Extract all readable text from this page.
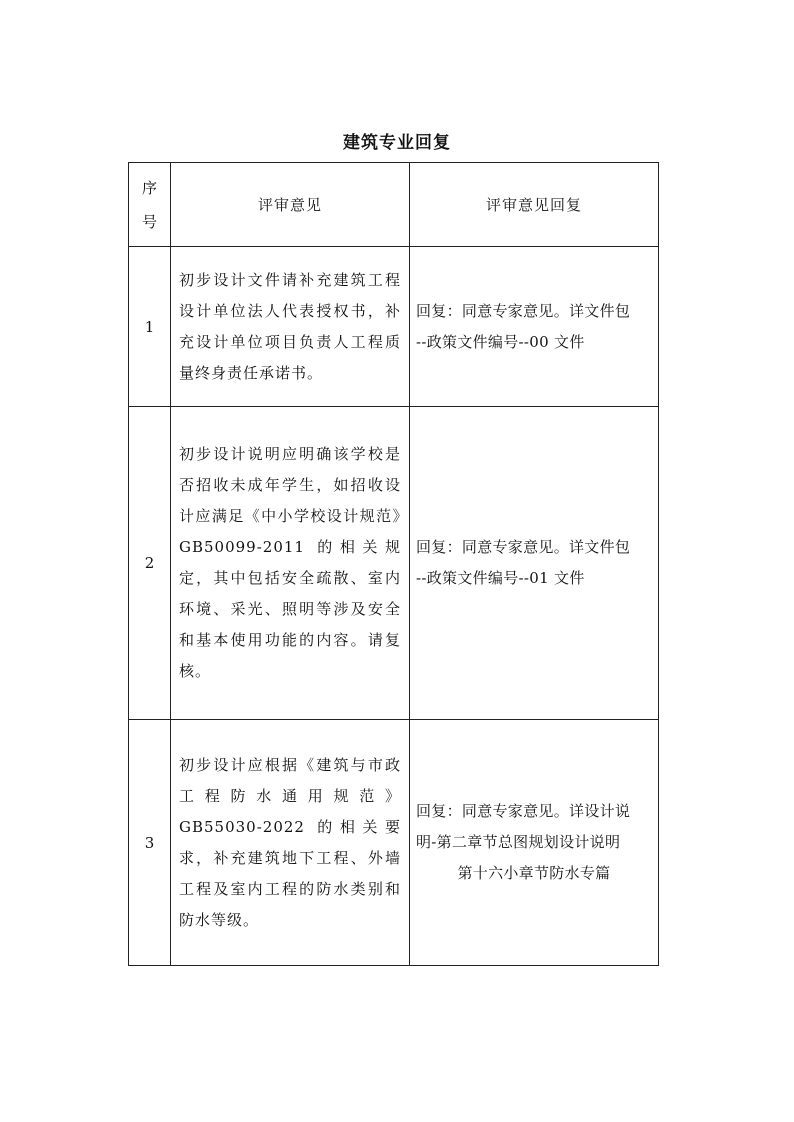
建筑专业回复
序
号	评审意见	评审意见回复
1	初步设计文件请补充建筑工程设计单位法人代表授权书，补充设计单位项目负责人工程质量终身责任承诺书。	回复：同意专家意见。详文件包
--政策文件编号--00 文件

2	初步设计说明应明确该学校是否招收未成年学生，如招收设计应满足《中小学校设计规范》GB50099-2011 的相关规定，其中包括安全疏散、室内环境、采光、照明等涉及安全和基本使用功能的内容。请复核。	回复：同意专家意见。详文件包
--政策文件编号--01 文件

3	初步设计应根据《建筑与市政工程防水通用规范》GB55030-2022 的相关要求，补充建筑地下工程、外墙工程及室内工程的防水类别和防水等级。	回复：同意专家意见。详设计说
明-第二章节总图规划设计说明
第十六小章节防水专篇
